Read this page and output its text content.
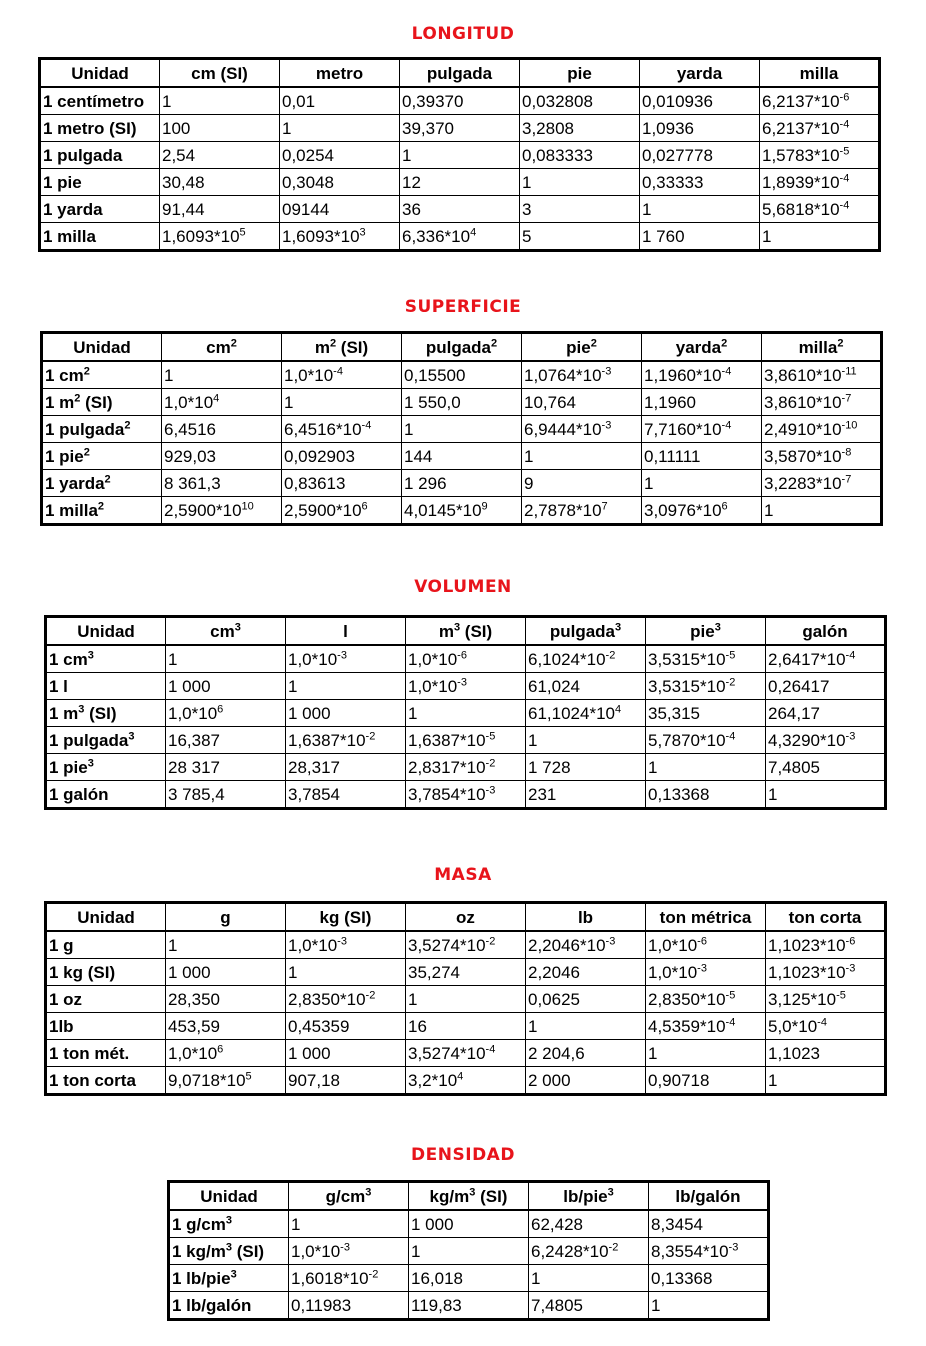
LONGITUD
Unidad	cm (SI)	metro	pulgada	pie	yarda	milla
1 centímetro	1	0,01	0,39370	0,032808	0,010936	$6,2137*10^{-6}$
1 metro (SI)	100	1	39,370	3,2808	1,0936	$6,2137*10^{-4}$
1 pulgada	2,54	0,0254	1	0,083333	0,027778	$1,5783*10^{-5}$
1 pie	30,48	0,3048	12	1	0,33333	$1,8939*10^{-4}$
1 yarda	91,44	09144	36	3	1	$5,6818*10^{-4}$
1 milla	$1,6093*10^5$	$1,6093*10^3$	$6,336*10^4$	5	1 760	1
SUPERFICIE
Unidad	$cm^2$	$m^2$ (SI)	pulgada$^2$	pie$^2$	yarda$^2$	milla$^2$
1 $cm^2$	1	$1,0*10^{-4}$	0,15500	$1,0764*10^{-3}$	$1,1960*10^{-4}$	$3,8610*10^{-11}$
1 $m^2$ (SI)	$1,0*10^4$	1	1 550,0	10,764	1,1960	$3,8610*10^{-7}$
1 pulgada$^2$	6,4516	$6,4516*10^{-4}$	1	$6,9444*10^{-3}$	$7,7160*10^{-4}$	$2,4910*10^{-10}$
1 pie$^2$	929,03	0,092903	144	1	0,11111	$3,5870*10^{-8}$
1 yarda$^2$	8 361,3	0,83613	1 296	9	1	$3,2283*10^{-7}$
1 milla$^2$	$2,5900*10^{10}$	$2,5900*10^6$	$4,0145*10^9$	$2,7878*10^7$	$3,0976*10^6$	1
VOLUMEN
Unidad	$cm^3$	l	$m^3$ (SI)	pulgada$^3$	pie$^3$	galón
1 $cm^3$	1	$1,0*10^{-3}$	$1,0*10^{-6}$	$6,1024*10^{-2}$	$3,5315*10^{-5}$	$2,6417*10^{-4}$
1 l	1 000	1	$1,0*10^{-3}$	61,024	$3,5315*10^{-2}$	0,26417
1 $m^3$ (SI)	$1,0*10^6$	1 000	1	$61,1024*10^4$	35,315	264,17
1 pulgada$^3$	16,387	$1,6387*10^{-2}$	$1,6387*10^{-5}$	1	$5,7870*10^{-4}$	$4,3290*10^{-3}$
1 pie$^3$	28 317	28,317	$2,8317*10^{-2}$	1 728	1	7,4805
1 galón	3 785,4	3,7854	$3,7854*10^{-3}$	231	0,13368	1
MASA
Unidad	g	kg (SI)	oz	lb	ton métrica	ton corta
1 g	1	$1,0*10^{-3}$	$3,5274*10^{-2}$	$2,2046*10^{-3}$	$1,0*10^{-6}$	$1,1023*10^{-6}$
1 kg (SI)	1 000	1	35,274	2,2046	$1,0*10^{-3}$	$1,1023*10^{-3}$
1 oz	28,350	$2,8350*10^{-2}$	1	0,0625	$2,8350*10^{-5}$	$3,125*10^{-5}$
1lb	453,59	0,45359	16	1	$4,5359*10^{-4}$	$5,0*10^{-4}$
1 ton mét.	$1,0*10^6$	1 000	$3,5274*10^{-4}$	2 204,6	1	1,1023
1 ton corta	$9,0718*10^5$	907,18	$3,2*10^4$	2 000	0,90718	1
DENSIDAD
Unidad	$g/cm^3$	$kg/m^3$ (SI)	lb/pie$^3$	lb/galón
1 $g/cm^3$	1	1 000	62,428	8,3454
1 $kg/m^3$ (SI)	$1,0*10^{-3}$	1	$6,2428*10^{-2}$	$8,3554*10^{-3}$
1 lb/pie$^3$	$1,6018*10^{-2}$	16,018	1	0,13368
1 lb/galón	0,11983	119,83	7,4805	1
